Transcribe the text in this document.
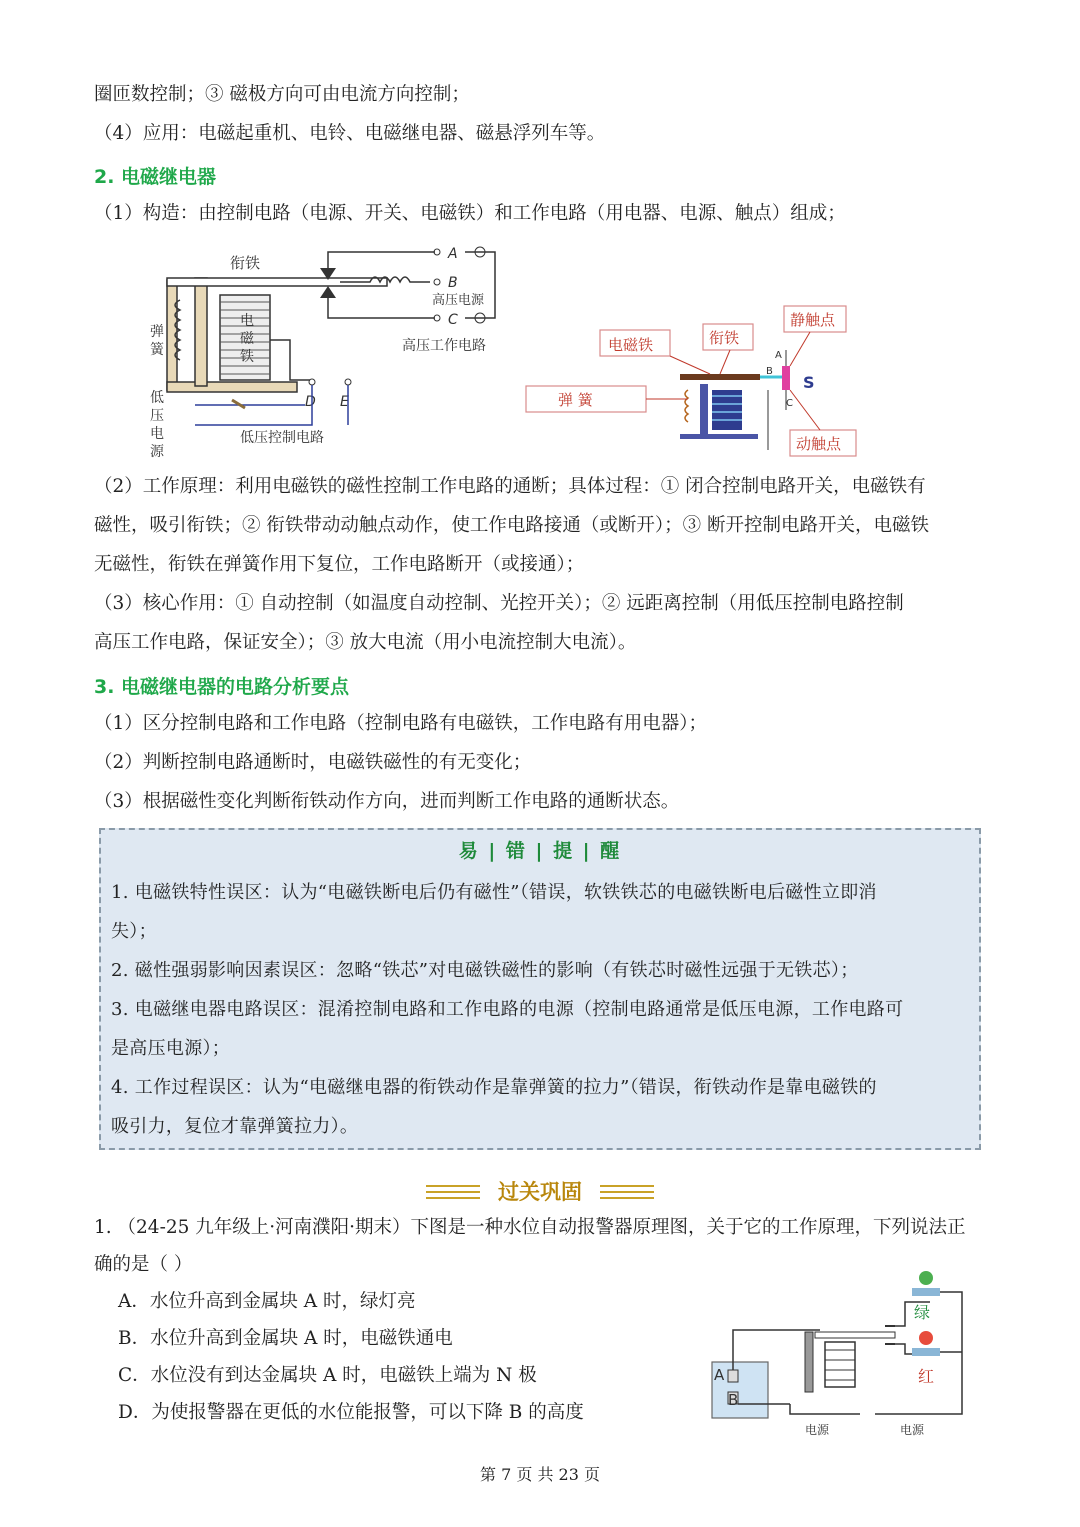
圈匝数控制；③ 磁极方向可由电流方向控制；
（4）应用：电磁起重机、电铃、电磁继电器、磁悬浮列车等。
2. 电磁继电器
（1）构造：由控制电路（电源、开关、电磁铁）和工作电路（用电器、电源、触点）组成；
电
磁
铁
衔铁	A
B
C
高压电源
高压工作电路
D E
弹
簧
低
压
电
源
低压控制电路
电磁铁	衔铁
静触点
弹 簧
动触点
S
A
B
C
（2）工作原理：利用电磁铁的磁性控制工作电路的通断；具体过程：① 闭合控制电路开关，电磁铁有
磁性，吸引衔铁；② 衔铁带动动触点动作，使工作电路接通（或断开）；③ 断开控制电路开关，电磁铁
无磁性，衔铁在弹簧作用下复位，工作电路断开（或接通）；
（3）核心作用：① 自动控制（如温度自动控制、光控开关）；② 远距离控制（用低压控制电路控制
高压工作电路，保证安全）；③ 放大电流（用小电流控制大电流）。
3. 电磁继电器的电路分析要点
（1）区分控制电路和工作电路（控制电路有电磁铁，工作电路有用电器）；
（2）判断控制电路通断时，电磁铁磁性的有无变化；
（3）根据磁性变化判断衔铁动作方向，进而判断工作电路的通断状态。
易 | 错 | 提 | 醒
1. 电磁铁特性误区：认为“电磁铁断电后仍有磁性”（错误，软铁铁芯的电磁铁断电后磁性立即消
失）；
2. 磁性强弱影响因素误区：忽略“铁芯”对电磁铁磁性的影响（有铁芯时磁性远强于无铁芯）；
3. 电磁继电器电路误区：混淆控制电路和工作电路的电源（控制电路通常是低压电源，工作电路可
是高压电源）；
4. 工作过程误区：认为“电磁继电器的衔铁动作是靠弹簧的拉力”（错误，衔铁动作是靠电磁铁的
吸引力，复位才靠弹簧拉力）。
过关巩固
1. （24-25 九年级上·河南濮阳·期末）下图是一种水位自动报警器原理图，关于它的工作原理，下列说法正
确的是（ ）
A．水位升高到金属块 A 时，绿灯亮
B．水位升高到金属块 A 时，电磁铁通电
C．水位没有到达金属块 A 时，电磁铁上端为 N 极
D．为使报警器在更低的水位能报警，可以下降 B 的高度
A
B
绿
红
电源	电源
第 7 页 共 23 页
